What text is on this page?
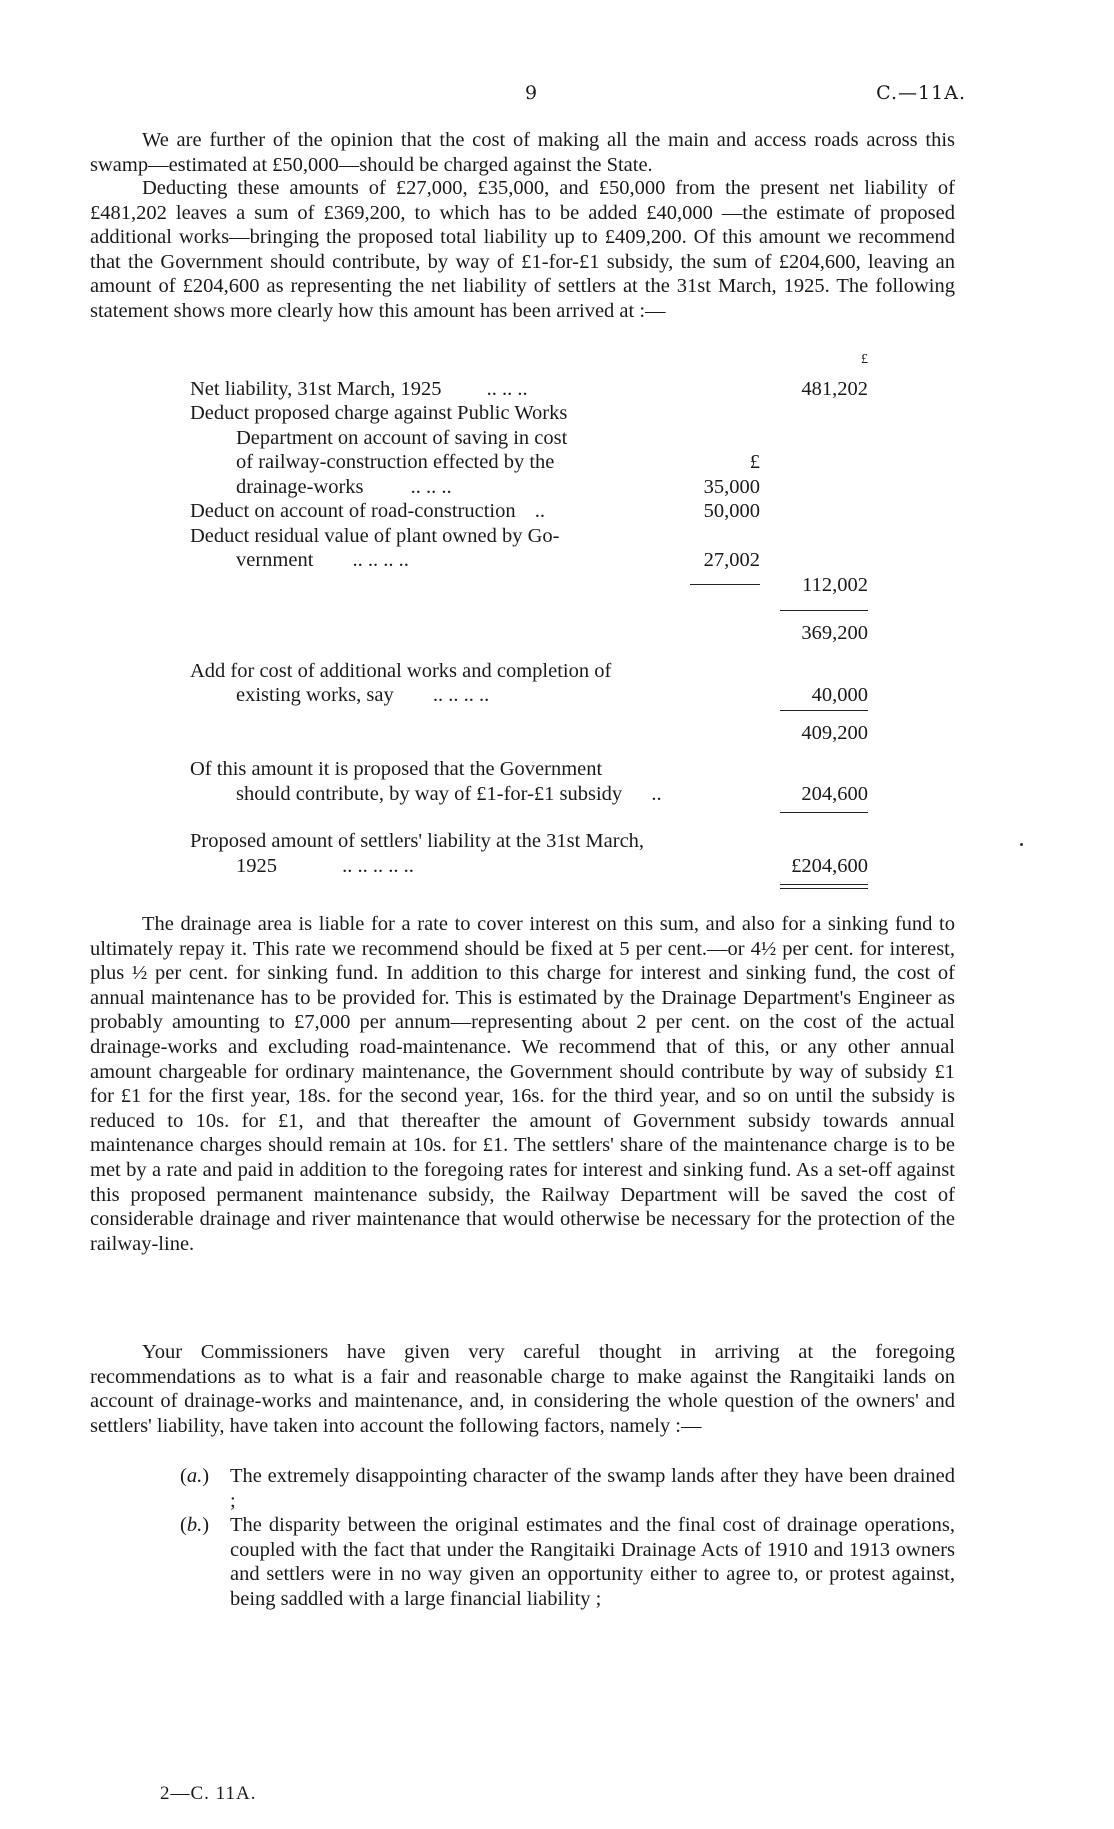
9	C.—11A.

We are further of the opinion that the cost of making all the main and access roads across this swamp—estimated at £50,000—should be charged against the State.

Deducting these amounts of £27,000, £35,000, and £50,000 from the present net liability of £481,202 leaves a sum of £369,200, to which has to be added £40,000 —the estimate of proposed additional works—bringing the proposed total liability up to £409,200. Of this amount we recommend that the Government should contribute, by way of £1-for-£1 subsidy, the sum of £204,600, leaving an amount of £204,600 as representing the net liability of settlers at the 31st March, 1925. The following statement shows more clearly how this amount has been arrived at :—

£
Net liability, 31st March, 1925 .. .. ..	481,202
Deduct proposed charge against Public Works
Department on account of saving in cost
of railway-construction effected by the	£
drainage-works .. .. ..	35,000
Deduct on account of road-construction ..	50,000
Deduct residual value of plant owned by Go-
vernment .. .. .. ..	27,002
112,002
369,200
Add for cost of additional works and completion of
existing works, say .. .. .. ..	40,000
409,200
Of this amount it is proposed that the Government
should contribute, by way of £1-for-£1 subsidy ..	204,600
Proposed amount of settlers' liability at the 31st March,
1925	.. .. .. .. ..	£204,600

The drainage area is liable for a rate to cover interest on this sum, and also for a sinking fund to ultimately repay it. This rate we recommend should be fixed at 5 per cent.—or 4½ per cent. for interest, plus ½ per cent. for sinking fund. In addition to this charge for interest and sinking fund, the cost of annual maintenance has to be provided for. This is estimated by the Drainage Department's Engineer as probably amounting to £7,000 per annum—representing about 2 per cent. on the cost of the actual drainage-works and excluding road-maintenance. We recommend that of this, or any other annual amount chargeable for ordinary maintenance, the Government should contribute by way of subsidy £1 for £1 for the first year, 18s. for the second year, 16s. for the third year, and so on until the subsidy is reduced to 10s. for £1, and that thereafter the amount of Government subsidy towards annual maintenance charges should remain at 10s. for £1. The settlers' share of the maintenance charge is to be met by a rate and paid in addition to the foregoing rates for interest and sinking fund. As a set-off against this proposed permanent maintenance subsidy, the Railway Department will be saved the cost of considerable drainage and river maintenance that would otherwise be necessary for the protection of the railway-line.

Your Commissioners have given very careful thought in arriving at the foregoing recommendations as to what is a fair and reasonable charge to make against the Rangitaiki lands on account of drainage-works and maintenance, and, in considering the whole question of the owners' and settlers' liability, have taken into account the following factors, namely :—

(a.) The extremely disappointing character of the swamp lands after they have been drained ;
(b.) The disparity between the original estimates and the final cost of drainage operations, coupled with the fact that under the Rangitaiki Drainage Acts of 1910 and 1913 owners and settlers were in no way given an opportunity either to agree to, or protest against, being saddled with a large financial liability ;
2—C. 11A.
